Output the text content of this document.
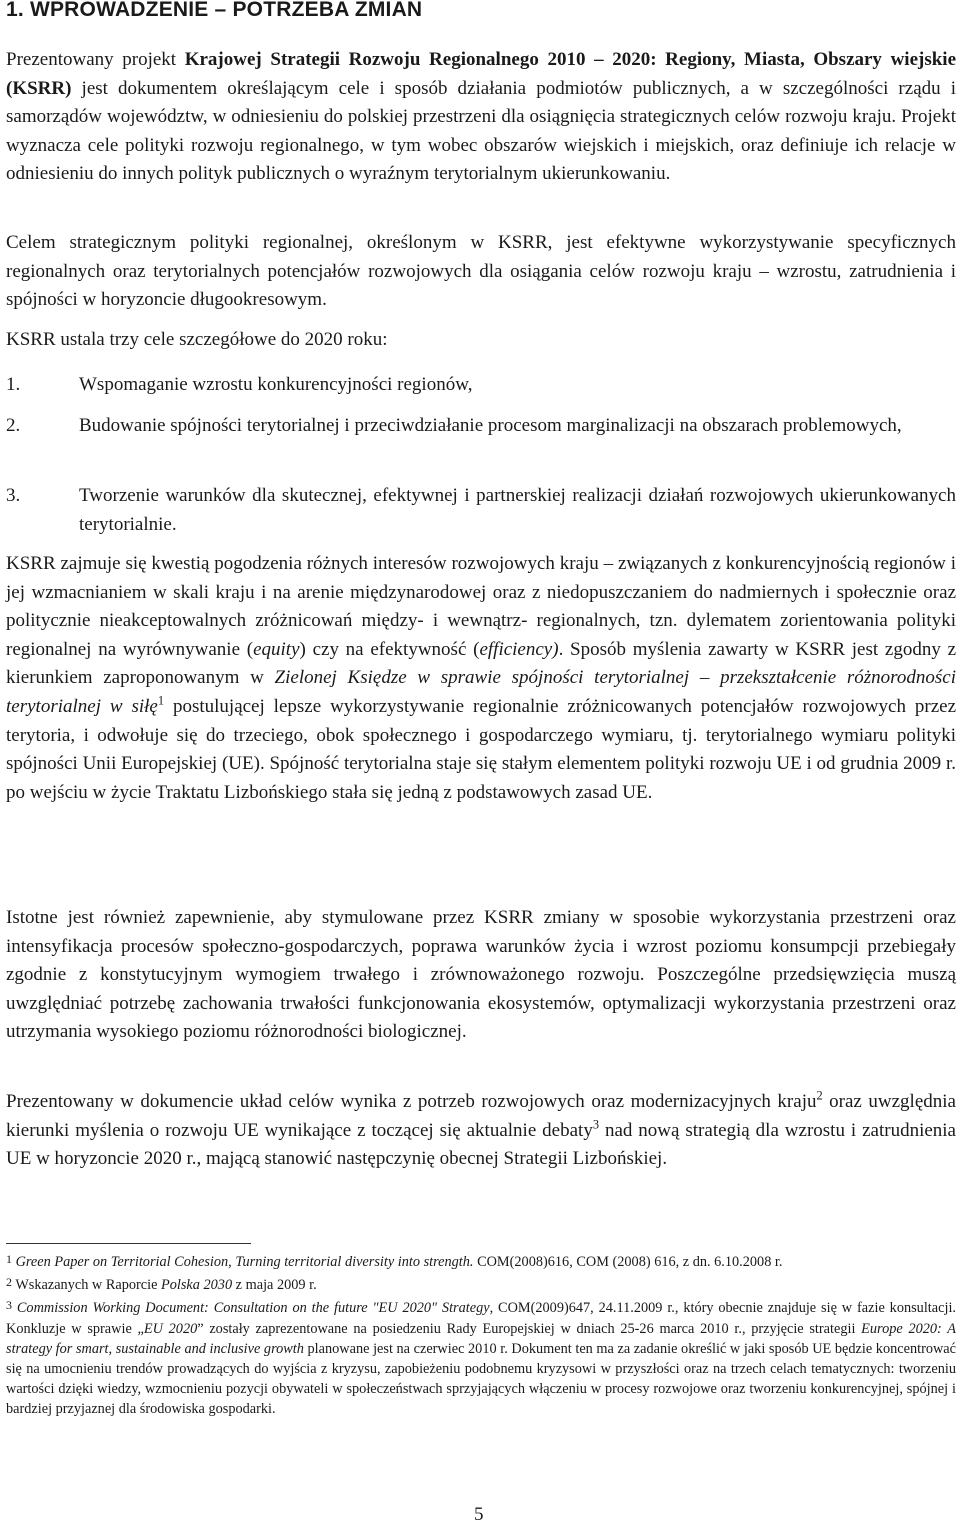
1. WPROWADZENIE – POTRZEBA ZMIAN

Prezentowany projekt Krajowej Strategii Rozwoju Regionalnego 2010 – 2020: Regiony, Miasta, Obszary wiejskie (KSRR) jest dokumentem określającym cele i sposób działania podmiotów publicznych, a w szczególności rządu i samorządów województw, w odniesieniu do polskiej przestrzeni dla osiągnięcia strategicznych celów rozwoju kraju. Projekt wyznacza cele polityki rozwoju regionalnego, w tym wobec obszarów wiejskich i miejskich, oraz definiuje ich relacje w odniesieniu do innych polityk publicznych o wyraźnym terytorialnym ukierunkowaniu.

Celem strategicznym polityki regionalnej, określonym w KSRR, jest efektywne wykorzystywanie specyficznych regionalnych oraz terytorialnych potencjałów rozwojowych dla osiągania celów rozwoju kraju – wzrostu, zatrudnienia i spójności w horyzoncie długookresowym.

KSRR ustala trzy cele szczegółowe do 2020 roku:

1.	Wspomaganie wzrostu konkurencyjności regionów,
2.	Budowanie spójności terytorialnej i przeciwdziałanie procesom marginalizacji na obszarach problemowych,
3.	Tworzenie warunków dla skutecznej, efektywnej i partnerskiej realizacji działań rozwojowych ukierunkowanych terytorialnie.

KSRR zajmuje się kwestią pogodzenia różnych interesów rozwojowych kraju – związanych z konkurencyjnością regionów i jej wzmacnianiem w skali kraju i na arenie międzynarodowej oraz z niedopuszczaniem do nadmiernych i społecznie oraz politycznie nieakceptowalnych zróżnicowań między- i wewnątrz- regionalnych, tzn. dylematem zorientowania polityki regionalnej na wyrównywanie (equity) czy na efektywność (efficiency). Sposób myślenia zawarty w KSRR jest zgodny z kierunkiem zaproponowanym w Zielonej Księdze w sprawie spójności terytorialnej – przekształcenie różnorodności terytorialnej w siłę$^1$ postulującej lepsze wykorzystywanie regionalnie zróżnicowanych potencjałów rozwojowych przez terytoria, i odwołuje się do trzeciego, obok społecznego i gospodarczego wymiaru, tj. terytorialnego wymiaru polityki spójności Unii Europejskiej (UE). Spójność terytorialna staje się stałym elementem polityki rozwoju UE i od grudnia 2009 r. po wejściu w życie Traktatu Lizbońskiego stała się jedną z podstawowych zasad UE.

Istotne jest również zapewnienie, aby stymulowane przez KSRR zmiany w sposobie wykorzystania przestrzeni oraz intensyfikacja procesów społeczno-gospodarczych, poprawa warunków życia i wzrost poziomu konsumpcji przebiegały zgodnie z konstytucyjnym wymogiem trwałego i zrównoważonego rozwoju. Poszczególne przedsięwzięcia muszą uwzględniać potrzebę zachowania trwałości funkcjonowania ekosystemów, optymalizacji wykorzystania przestrzeni oraz utrzymania wysokiego poziomu różnorodności biologicznej.

Prezentowany w dokumencie układ celów wynika z potrzeb rozwojowych oraz modernizacyjnych kraju$^2$ oraz uwzględnia kierunki myślenia o rozwoju UE wynikające z toczącej się aktualnie debaty$^3$ nad nową strategią dla wzrostu i zatrudnienia UE w horyzoncie 2020 r., mającą stanowić następczynię obecnej Strategii Lizbońskiej.

$^1$ Green Paper on Territorial Cohesion, Turning territorial diversity into strength. COM(2008)616, COM (2008) 616, z dn. 6.10.2008 r.

$^2$ Wskazanych w Raporcie Polska 2030 z maja 2009 r.

$^3$ Commission Working Document: Consultation on the future "EU 2020" Strategy, COM(2009)647, 24.11.2009 r., który obecnie znajduje się w fazie konsultacji. Konkluzje w sprawie „EU 2020” zostały zaprezentowane na posiedzeniu Rady Europejskiej w dniach 25-26 marca 2010 r., przyjęcie strategii Europe 2020: A strategy for smart, sustainable and inclusive growth planowane jest na czerwiec 2010 r. Dokument ten ma za zadanie określić w jaki sposób UE będzie koncentrować się na umocnieniu trendów prowadzących do wyjścia z kryzysu, zapobieżeniu podobnemu kryzysowi w przyszłości oraz na trzech celach tematycznych: tworzeniu wartości dzięki wiedzy, wzmocnieniu pozycji obywateli w społeczeństwach sprzyjających włączeniu w procesy rozwojowe oraz tworzeniu konkurencyjnej, spójnej i bardziej przyjaznej dla środowiska gospodarki.

5
